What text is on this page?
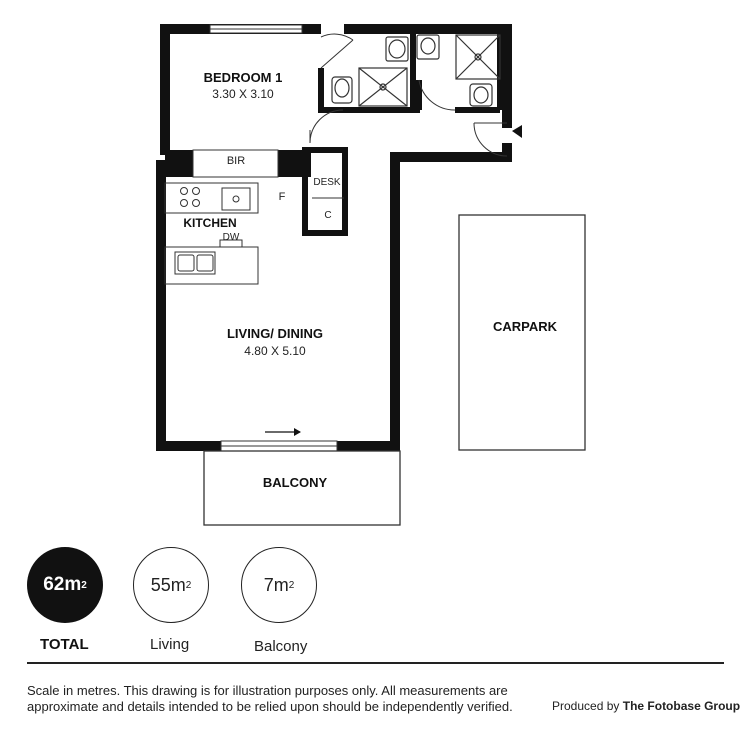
BEDROOM 1
3.30 X 3.10
BIR
F
KITCHEN
DW
DESK
C
LIVING/ DINING
4.80 X 5.10
BALCONY
CARPARK
62m 2	55m 2	7m 2
TOTAL	Living	Balcony
Scale in metres. This drawing is for illustration purposes only. All measurements are approximate and details intended to be relied upon should be independently verified.	Produced by The Fotobase Group
